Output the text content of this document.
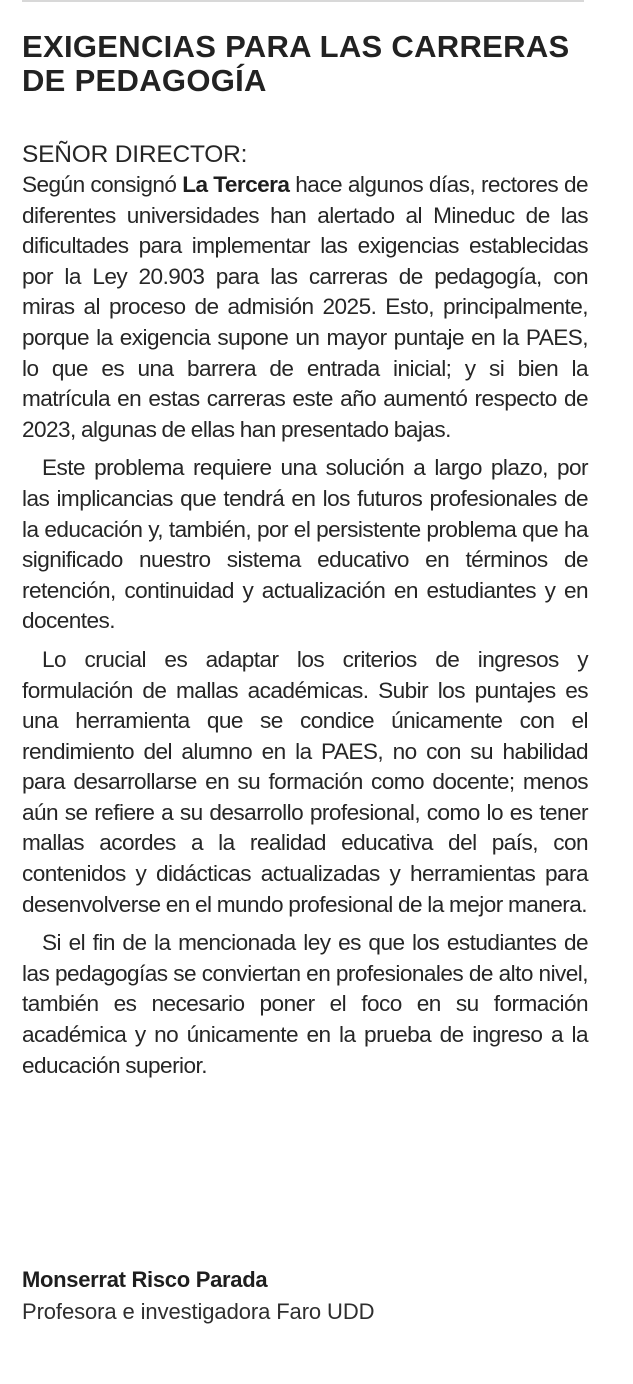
EXIGENCIAS PARA LAS CARRERAS DE PEDAGOGÍA

SEÑOR DIRECTOR:

Según consignó La Tercera hace algunos días, rectores de diferentes universidades han alertado al Mineduc de las dificultades para implementar las exigencias establecidas por la Ley 20.903 para las carreras de pedagogía, con miras al proceso de admisión 2025. Esto, principalmente, porque la exigencia supone un mayor puntaje en la PAES, lo que es una barrera de entrada inicial; y si bien la matrícula en estas carreras este año aumentó respecto de 2023, algunas de ellas han presentado bajas.

Este problema requiere una solución a largo plazo, por las implicancias que tendrá en los futuros profesionales de la educación y, también, por el persistente problema que ha significado nuestro sistema educativo en términos de retención, continuidad y actualización en estudiantes y en docentes.

Lo crucial es adaptar los criterios de ingresos y formulación de mallas académicas. Subir los puntajes es una herramienta que se condice únicamente con el rendimiento del alumno en la PAES, no con su habilidad para desarrollarse en su formación como docente; menos aún se refiere a su desarrollo profesional, como lo es tener mallas acordes a la realidad educativa del país, con contenidos y didácticas actualizadas y herramientas para desenvolverse en el mundo profesional de la mejor manera.

Si el fin de la mencionada ley es que los estudiantes de las pedagogías se conviertan en profesionales de alto nivel, también es necesario poner el foco en su formación académica y no únicamente en la prueba de ingreso a la educación superior.

Monserrat Risco Parada

Profesora e investigadora Faro UDD
